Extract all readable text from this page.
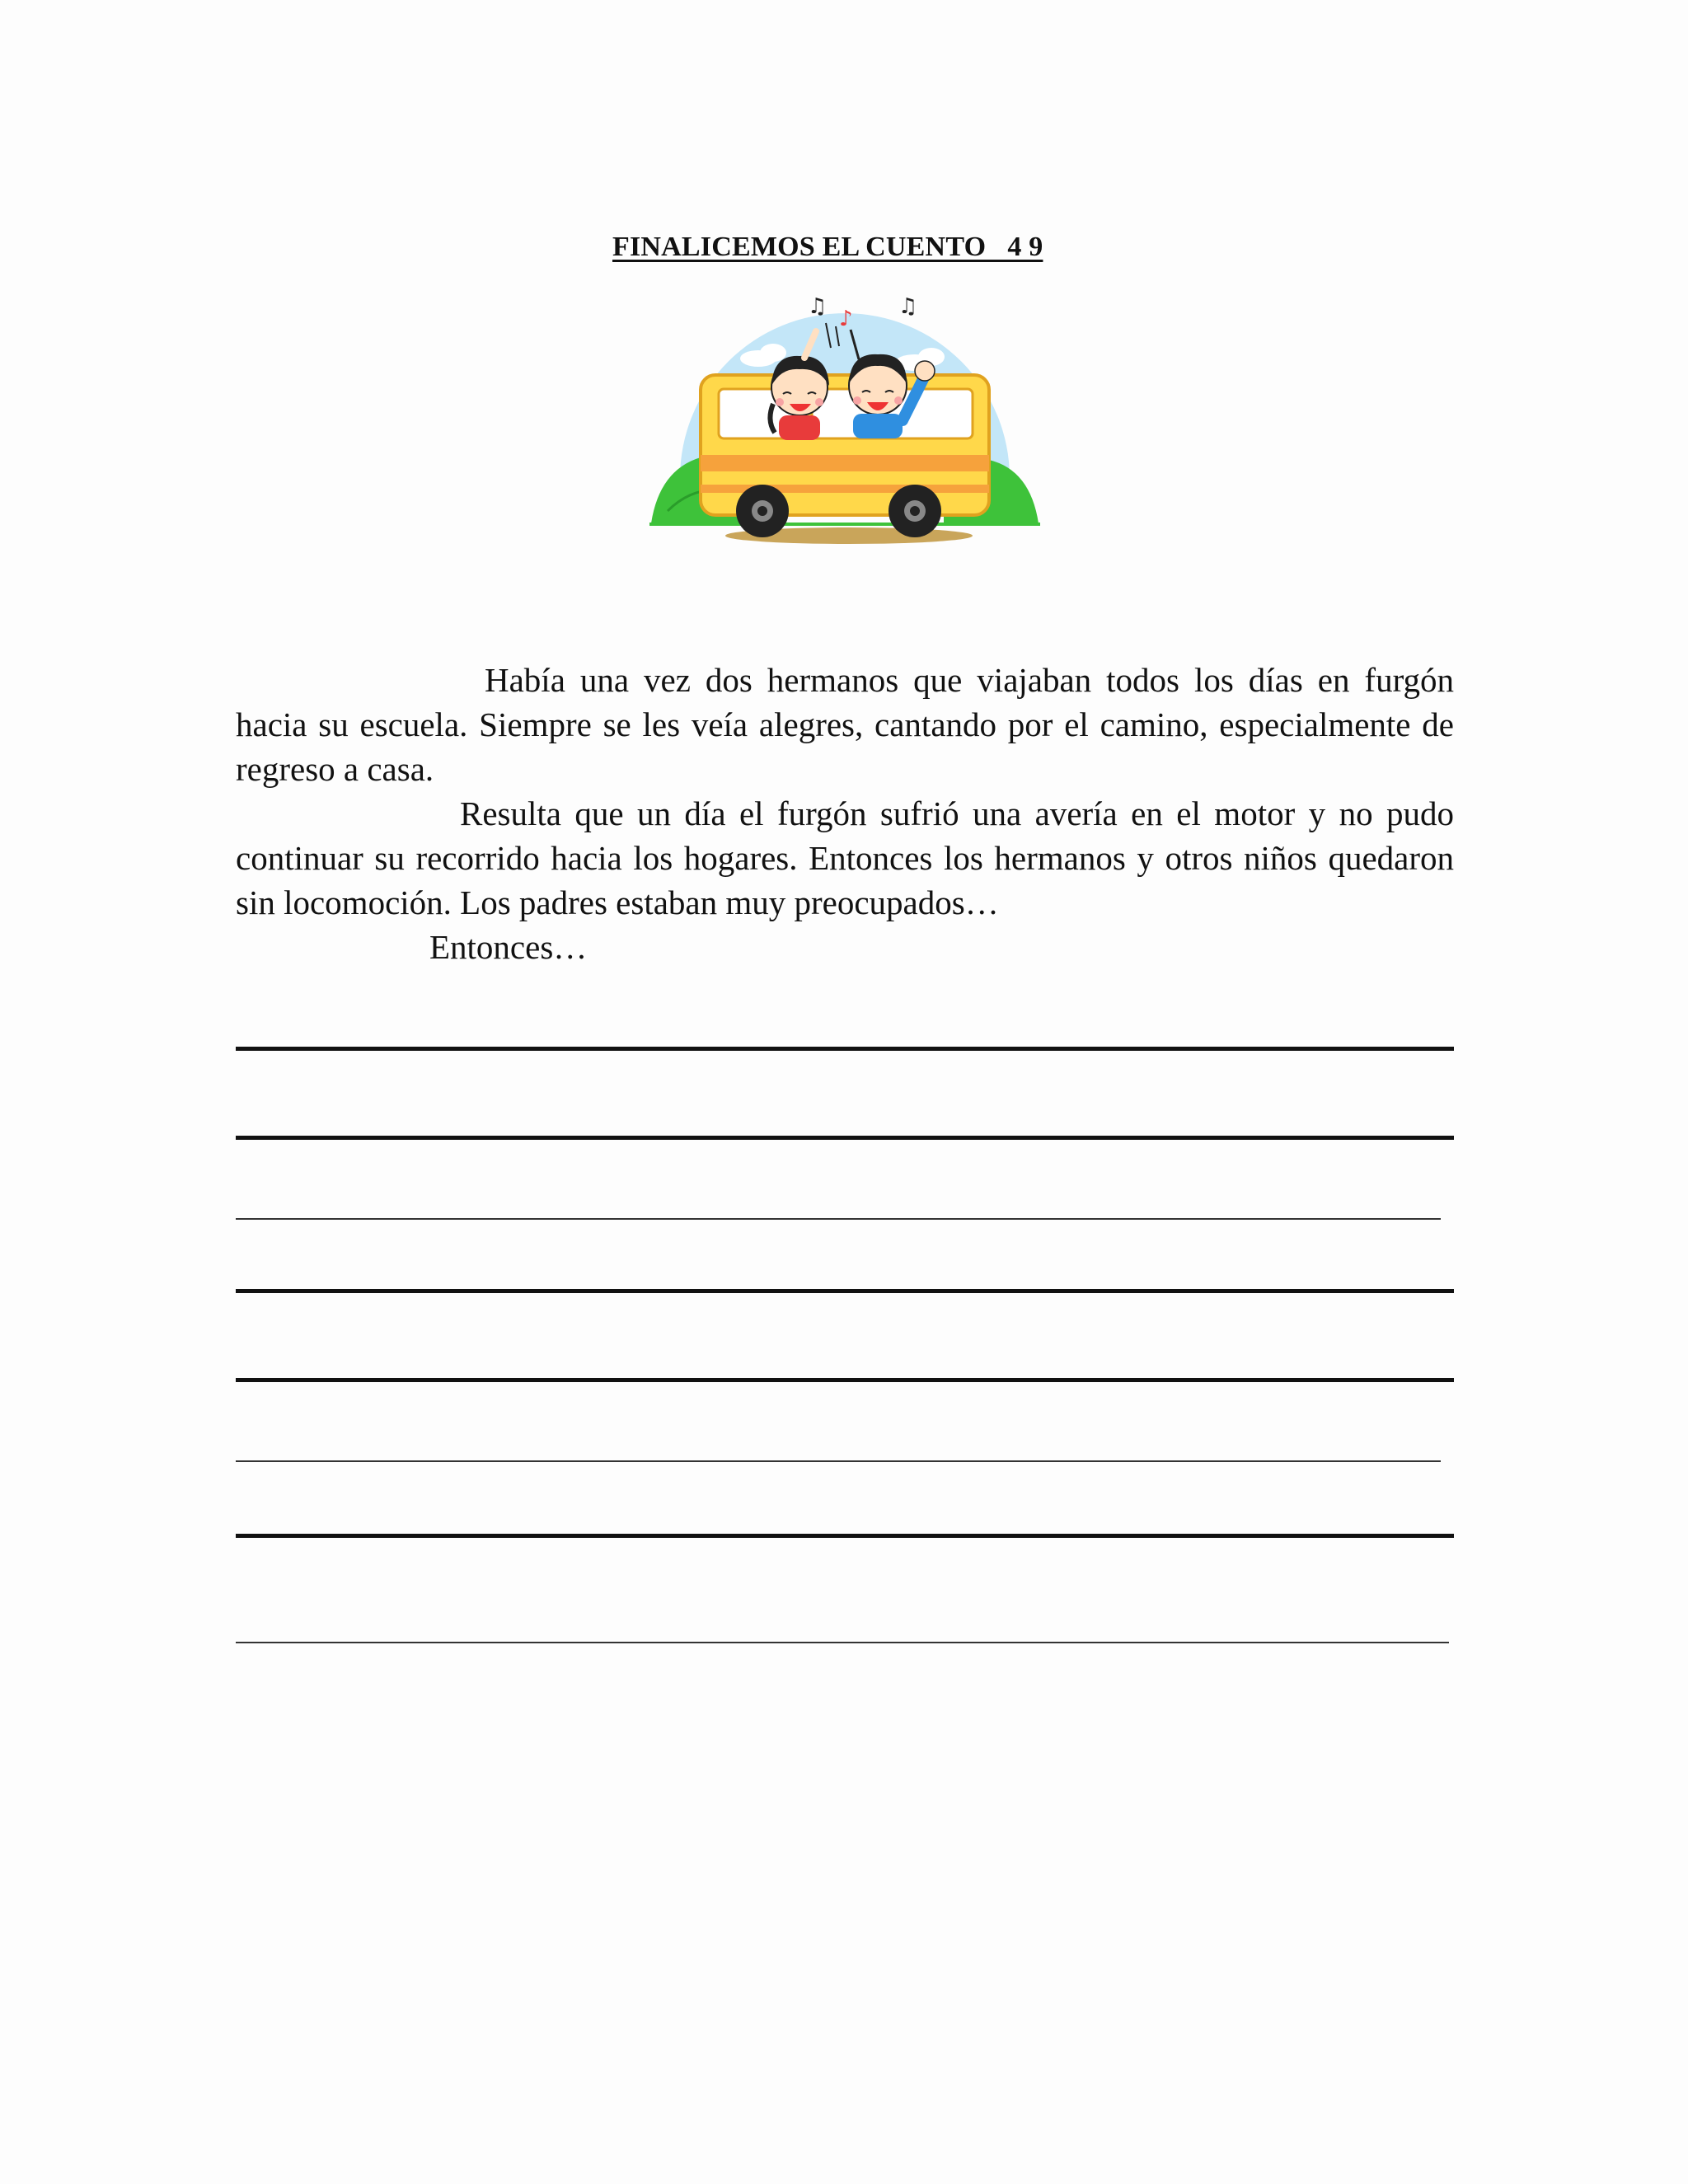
FINALICEMOS EL CUENTO   4 9
♫ ♪ ♫

Había una vez dos hermanos que viajaban todos los días en furgón hacia su escuela. Siempre se les veía alegres, cantando por el camino, especialmente de regreso a casa.

Resulta que un día el furgón sufrió una avería en el motor y no pudo continuar su recorrido hacia los hogares. Entonces los hermanos y otros niños quedaron sin locomoción. Los padres estaban muy preocupados…

Entonces…
